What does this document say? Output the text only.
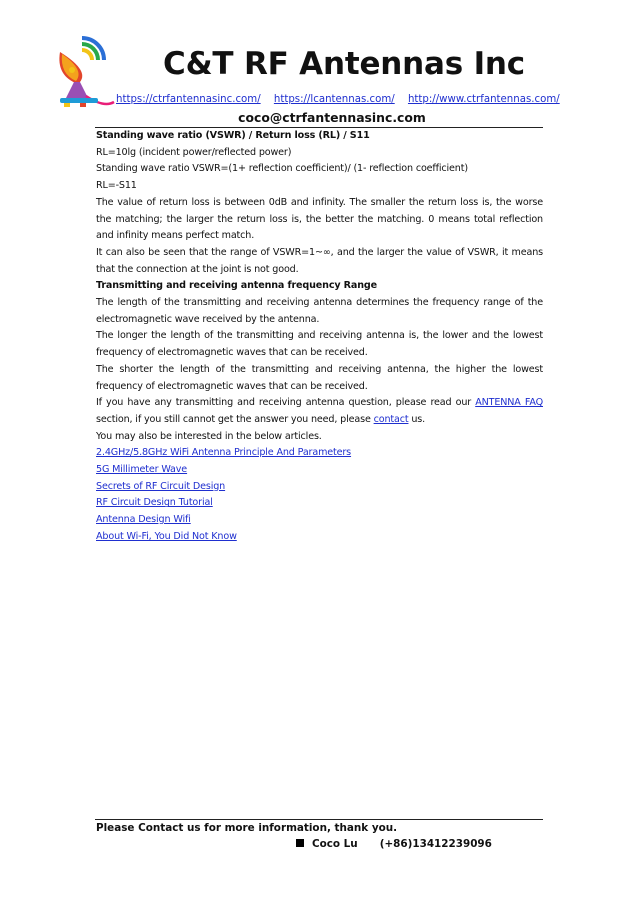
C&T RF Antennas Inc
https://ctrfantennasinc.com/ https://lcantennas.com/ http://www.ctrfantennas.com/
coco@ctrfantennasinc.com

Standing wave ratio (VSWR) / Return loss (RL) / S11

RL=10lg (incident power/reflected power)

Standing wave ratio VSWR=(1+ reflection coefficient)/ (1- reflection coefficient)

RL=-S11

The value of return loss is between 0dB and infinity. The smaller the return loss is, the worse the matching; the larger the return loss is, the better the matching. 0 means total reflection and infinity means perfect match.

It can also be seen that the range of VSWR=1~∞, and the larger the value of VSWR, it means that the connection at the joint is not good.

Transmitting and receiving antenna frequency Range

The length of the transmitting and receiving antenna determines the frequency range of the electromagnetic wave received by the antenna.

The longer the length of the transmitting and receiving antenna is, the lower and the lowest frequency of electromagnetic waves that can be received.

The shorter the length of the transmitting and receiving antenna, the higher the lowest frequency of electromagnetic waves that can be received.

If you have any transmitting and receiving antenna question, please read our ANTENNA FAQ section, if you still cannot get the answer you need, please contact us.

You may also be interested in the below articles.

2.4GHz/5.8GHz WiFi Antenna Principle And Parameters
5G Millimeter Wave
Secrets of RF Circuit Design
RF Circuit Design Tutorial
Antenna Design Wifi
About Wi-Fi, You Did Not Know
Please Contact us for more information, thank you.
Coco Lu (+86)13412239096
